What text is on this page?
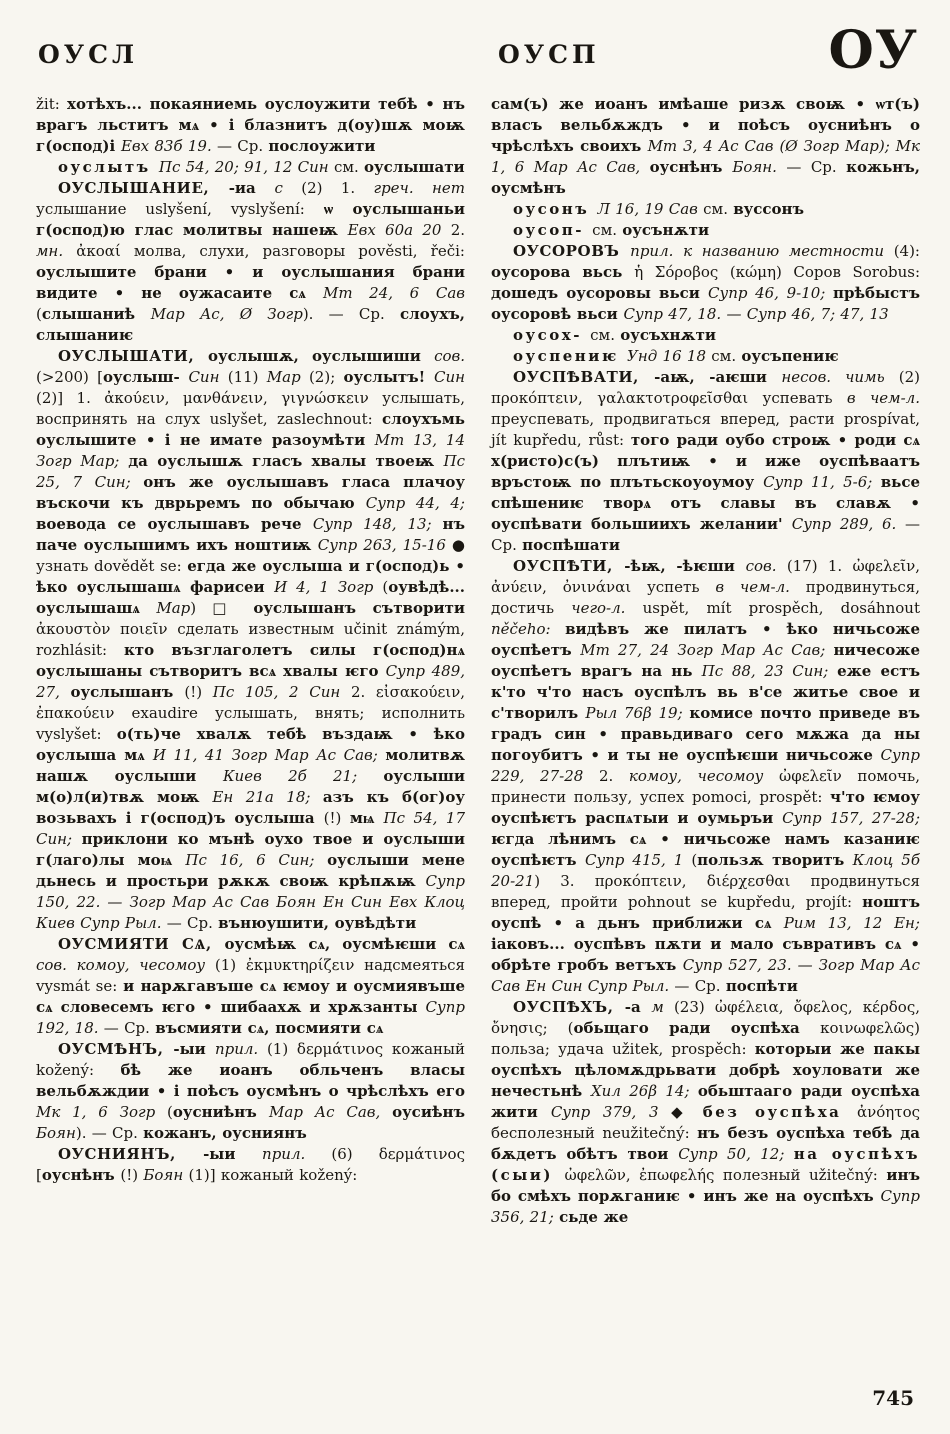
ОУСЛ	ОУСП	ОУ

žit: хотѣхъ... покаяниемь оуслоужити тебѣ • нъ врагъ льститъ мѧ • і блазнитъ д(оу)шѫ моѭ г(оспод)і Евх 83б 19. — Ср. послоужити

оуслытъ Пс 54, 20; 91, 12 Син см. оуслышати

ОУСЛЫШАНИЕ, -иа с (2) 1. греч. нет услышание uslyšení, vyslyšení: ѡ оуслышаньи г(оспод)ю глас молитвы нашеѭ Евх 60а 20 2. мн. ἀκοαί молва, слухи, разговоры pověsti, řeči: оуслышите брани • и оуслышания брани видите • не оужасаите сѧ Мт 24, 6 Сав (слышаниѣ Мар Ас, Ø Зогр). — Ср. слоухъ, слышаниѥ

ОУСЛЫШАТИ, оуслышѫ, оуслышиши сов. (>200) [оуслыш- Син (11) Мар (2); оуслытъ! Син (2)] 1. ἀκούειν, μανθάνειν, γιγνώσκειν услышать, воспринять на слух uslyšet, zaslechnout: слоухъмь оуслышите • і не имате разоумѣти Мт 13, 14 Зогр Мар; да оуслышѫ гласъ хвалы твоеѭ Пс 25, 7 Син; онъ же оуслышавъ гласа плачоу въскочи къ дврьремъ по обычаю Супр 44, 4; воевода се оуслышавъ рече Супр 148, 13; нъ паче оуслышимъ ихъ ноштиѭ Супр 263, 15-16 ● узнать dovědět se: егда же оуслыша и г(оспод)ь • ѣко оуслышашѧ фарисеи И 4, 1 Зогр (оувѣдѣ... оуслышашѧ Мар) □ оуслышанъ сътворити ἀκουστὸν ποιεῖν сделать известным učinit známým, rozhlásit: кто възглаголетъ силы г(оспод)нѧ оуслышаны сътворитъ всѧ хвалы ѥго Супр 489, 27, оуслышанъ (!) Пс 105, 2 Син 2. εἰσακούειν, ἐπακούειν exaudire услышать, внять; исполнить vyslyšet: о(ть)че хвалѫ тебѣ въздаѭ • ѣко оуслыша мѧ И 11, 41 Зогр Мар Ас Сав; молитвѫ нашѫ оуслыши Киев 2б 21; оуслыши м(о)л(и)твѫ моѭ Ен 21а 18; азъ къ б(ог)оу возьвахъ і г(оспод)ъ оуслыша (!) мѩ Пс 54, 17 Син; приклони ко мънѣ оухо твое и оуслыши г(лаго)лы моѩ Пс 16, 6 Син; оуслыши мене дьнесь и простьри рѫкѫ своѭ крѣпѫѭ Супр 150, 22. — Зогр Мар Ас Сав Боян Ен Син Евх Клоц Киев Супр Рыл. — Ср. вънюушити, оувѣдѣти

ОУСМИЯТИ СѦ, оусмѣѭ сѧ, оусмѣѥши сѧ сов. комоу, чесомоу (1) ἐκμυκτηρίζειν надсмеяться vysmát se: и нарѫгавъше сѧ ѥмоу и оусмиявъше сѧ словесемъ ѥго • шибаахѫ и хрѫзанты Супр 192, 18. — Ср. въсмияти сѧ, посмияти сѧ

ОУСМѢНЪ, -ыи прил. (1) δερμάτινος кожаный kožený: бѣ же иоанъ обльченъ власы вельбѫждии • і поѣсъ оусмѣнъ о чрѣслѣхъ его Мк 1, 6 Зогр (оусниѣнъ Мар Ас Сав, оусиѣнъ Боян). — Ср. кожанъ, оусниянъ

ОУСНИЯНЪ, -ыи прил. (6) δερμάτινος [оуснѣнъ (!) Боян (1)] кожаный kožený:

сам(ъ) же иоанъ имѣаше ризѫ своѭ • ѡт(ъ) власъ вельбѫждъ • и поѣсъ оусниѣнъ о чрѣслѣхъ своихъ Мт 3, 4 Ас Сав (Ø Зогр Мар); Мк 1, 6 Мар Ас Сав, оуснѣнъ Боян. — Ср. кожьнъ, оусмѣнъ

оусонъ Л 16, 19 Сав см. вуссонъ

оусоп- см. оусънѫти

ОУСОРОВЪ прил. к названию местности (4): оусорова вьсь ἡ Σόροβος (κώμη) Соров Sorobus: дошедъ оусоровы вьси Супр 46, 9-10; прѣбыстъ оусоровѣ вьси Супр 47, 18. — Супр 46, 7; 47, 13

оусох- см. оусъхнѫти

оуспениѥ Унд 16 18 см. оусъпениѥ

ОУСПѢВАТИ, -аѭ, -аѥши несов. чимь (2) προκόπτειν, γαλακτοτροφεῖσθαι успевать в чем-л. преуспевать, продвигаться вперед, расти prospívat, jít kupředu, růst: того ради оубо строѭ • роди сѧ х(ристо)с(ъ) плътиѭ • и иже оуспѣваатъ връстоѭ по плътьскоуоумоу Супр 11, 5-6; вьсе спѣшениѥ творѧ отъ славы въ славѫ • оуспѣвати большиихъ желании' Супр 289, 6. — Ср. поспѣшати

ОУСПѢТИ, -ѣѭ, -ѣѥши сов. (17) 1. ὠφελεῖν, ἀνύειν, ὀνινάναι успеть в чем-л. продвинуться, достичь чего-л. uspět, mít prospěch, dosáhnout něčeho: видѣвъ же пилатъ • ѣко ничьсоже оуспѣетъ Мт 27, 24 Зогр Мар Ас Сав; ничесоже оуспѣетъ врагъ на нь Пс 88, 23 Син; еже естъ к'то ч'то насъ оуспѣлъ вь в'се житье свое и с'творилъ Рыл 76β 19; комисе почто приведе въ градъ син • правьдиваго сего мѫжа да ны погоубитъ • и ты не оуспѣѥши ничьсоже Супр 229, 27-28 2. комоу, чесомоу ὠφελεῖν помочь, принести пользу, успех pomoci, prospět: ч'то ѥмоу оуспѣѥтъ распѧтыи и оумьръи Супр 157, 27-28; ѥгда лѣнимъ сѧ • ничьсоже намъ казаниѥ оуспѣѥтъ Супр 415, 1 (пользѫ творитъ Клоц 5б 20-21) 3. προκόπτειν, διέρχεσθαι продвинуться вперед, пройти pohnout se kupředu, projít: ноштъ оуспѣ • а дьнъ приближи сѧ Рим 13, 12 Ен; іаковъ... оуспѣвъ пѫти и мало съвративъ сѧ • обрѣте гробъ ветъхъ Супр 527, 23. — Зогр Мар Ас Сав Ен Син Супр Рыл. — Ср. поспѣти

ОУСПѢХЪ, -а м (23) ὠφέλεια, ὄφελος, κέρδος, ὄνησις; (обьщаго ради оуспѣха κοινωφελῶς) польза; удача užitek, prospěch: которыи же пакы оуспѣхъ цѣломѫдрьвати добрѣ хоуловати же нечестьнѣ Хил 26β 14; обьштааго ради оуспѣха жити Супр 379, 3 ◆ без оуспѣха ἀνόητος бесполезный neužitečný: нъ безъ оуспѣха тебѣ да бѫдетъ обѣтъ твои Супр 50, 12; на оуспѣхъ (сыи) ὠφελῶν, ἐπωφελής полезный užitečný: инъ бо смѣхъ порѫганиѥ • инъ же на оуспѣхъ Супр 356, 21; сьде же

745
